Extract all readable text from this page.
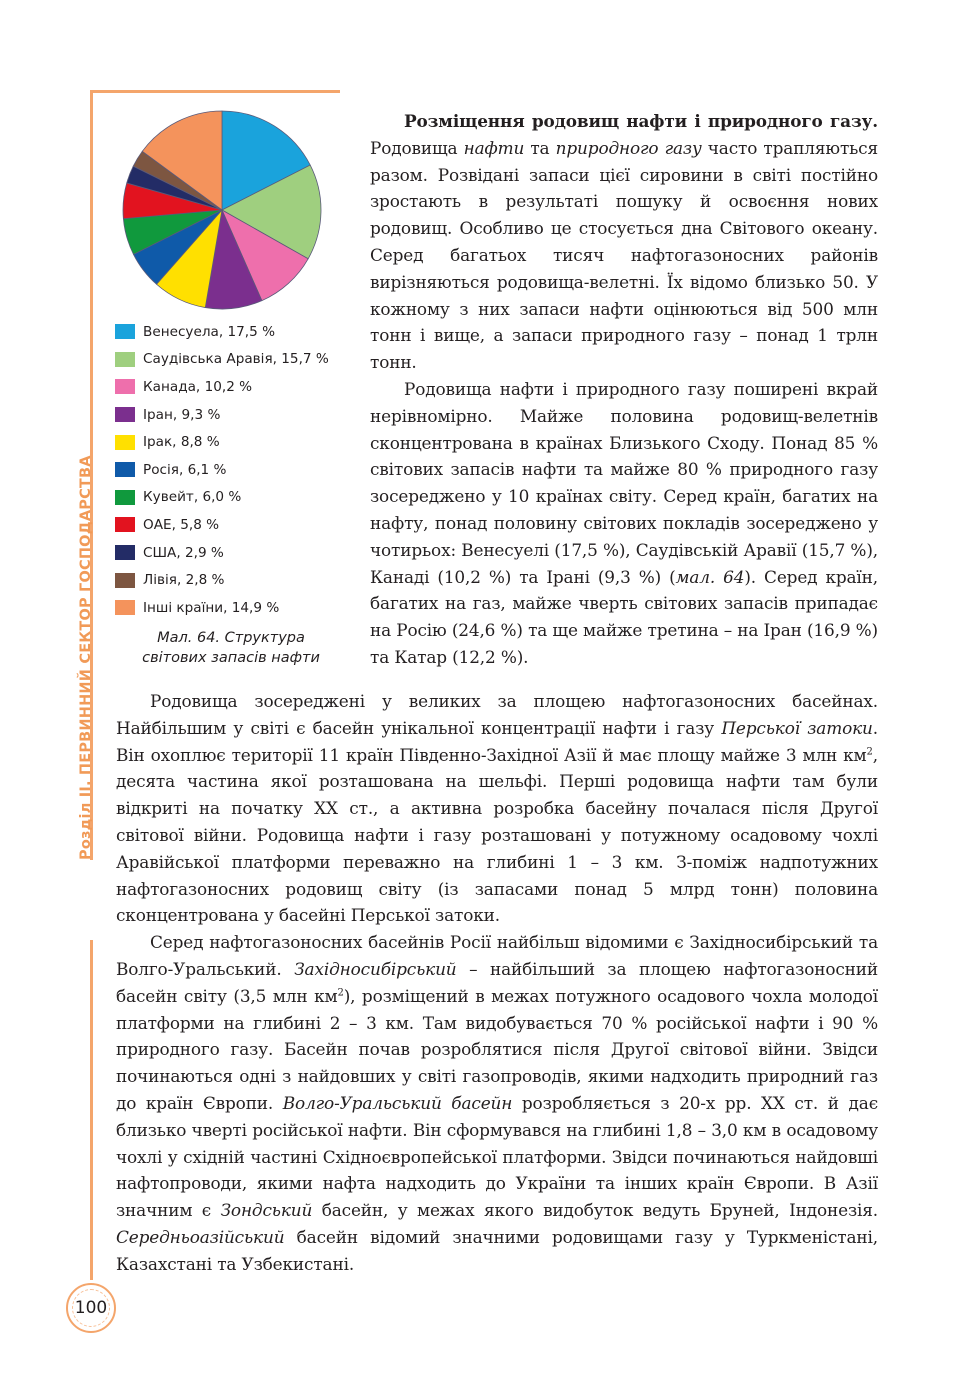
Розділ ІІ. ПЕРВИННИЙ СЕКТОР ГОСПОДАРСТВА
Венесуела, 17,5 %
Саудівська Аравія, 15,7 %
Канада, 10,2 %
Іран, 9,3 %
Ірак, 8,8 %
Росія, 6,1 %
Кувейт, 6,0 %
ОАЕ, 5,8 %
США, 2,9 %
Лівія, 2,8 %
Інші країни, 14,9 %
Мал. 64. Структура
світових запасів нафти

Розміщення родовищ нафти і природного газу. Родовища нафти та природного газу часто трапляються разом. Розвідані запаси цієї сировини в світі постійно зростають в результаті пошуку й освоєння нових родовищ. Особливо це стосується дна Світового океану. Серед багатьох тисяч нафтогазоносних районів вирізняються родовища-велетні. Їх відомо близько 50. У кожному з них запаси нафти оцінюються від 500 млн тонн і вище, а запаси природного газу – понад 1 трлн тонн.

Родовища нафти і природного газу поширені вкрай нерівномірно. Майже половина родовищ-велетнів сконцентрована в країнах Близького Сходу. Понад 85 % світових запасів нафти та майже 80 % природного газу зосереджено у 10 країнах світу. Серед країн, багатих на нафту, понад половину світових покладів зосереджено у чотирьох: Венесуелі (17,5 %), Саудівській Аравії (15,7 %), Канаді (10,2 %) та Ірані (9,3 %) (мал. 64). Серед країн, багатих на газ, майже чверть світових запасів припадає на Росію (24,6 %) та ще майже третина – на Іран (16,9 %) та Катар (12,2 %).

Родовища зосереджені у великих за площею нафтогазоносних басейнах. Найбільшим у світі є басейн унікальної концентрації нафти і газу Перської затоки. Він охоплює території 11 країн Південно-Західної Азії й має площу майже 3 млн $км^2$, десята частина якої розташована на шельфі. Перші родовища нафти там були відкриті на початку XX ст., а активна розробка басейну почалася після Другої світової війни. Родовища нафти і газу розташовані у потужному осадовому чохлі Аравійської платформи переважно на глибині 1 – 3 км. З-поміж надпотужних нафтогазоносних родовищ світу (із запасами понад 5 млрд тонн) половина сконцентрована у басейні Перської затоки.

Серед нафтогазоносних басейнів Росії найбільш відомими є Західносибірський та Волго-Уральський. Західносибірський – найбільший за площею нафтогазоносний басейн світу (3,5 млн $км^2$), розміщений в межах потужного осадового чохла молодої платформи на глибині 2 – 3 км. Там видобувається 70 % російської нафти і 90 % природного газу. Басейн почав розроблятися після Другої світової війни. Звідси починаються одні з найдовших у світі газопроводів, якими надходить природний газ до країн Європи. Волго-Уральський басейн розробляється з 20-х рр. XX ст. й дає близько чверті російської нафти. Він сформувався на глибині 1,8 – 3,0 км в осадовому чохлі у східній частині Східноєвропейської платформи. Звідси починаються найдовші нафтопроводи, якими нафта надходить до України та інших країн Європи. В Азії значним є Зондський басейн, у межах якого видобуток ведуть Бруней, Індонезія. Середньоазійський басейн відомий значними родовищами газу у Туркменістані, Казахстані та Узбекистані.

100
